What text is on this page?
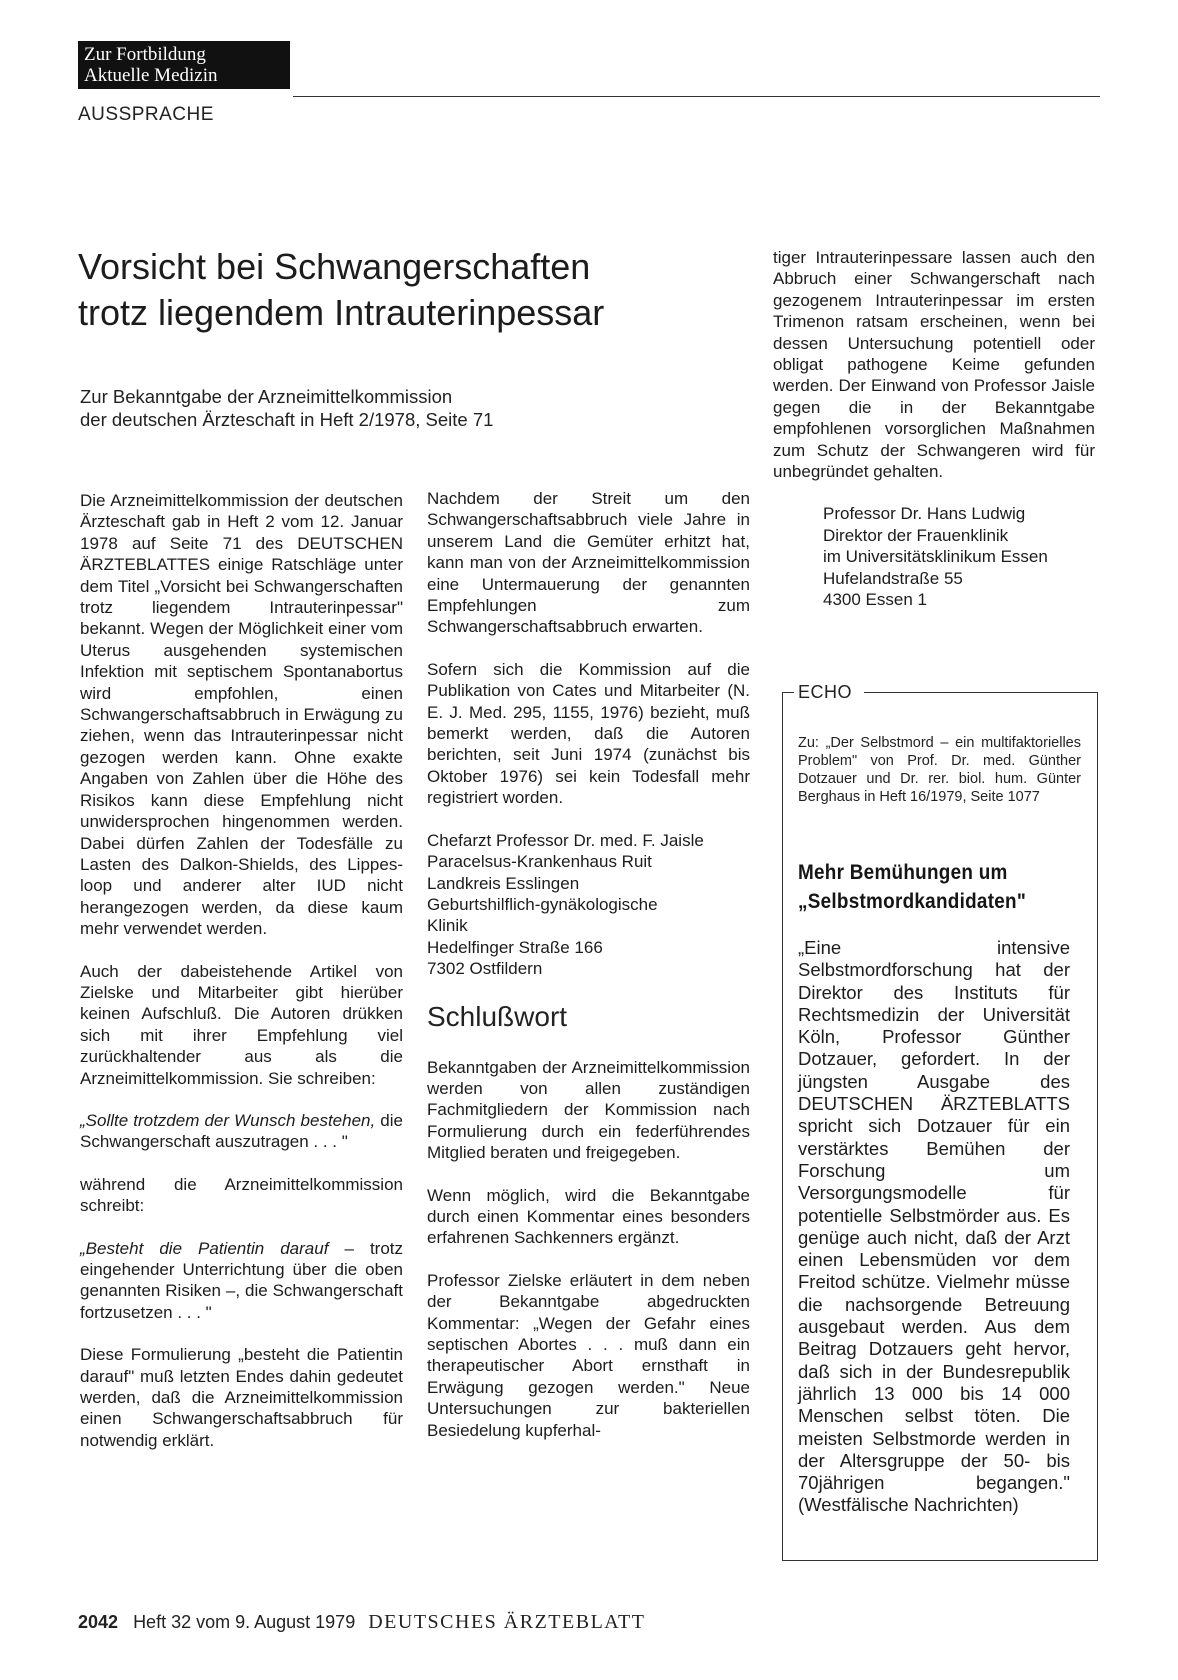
Zur Fortbildung
Aktuelle Medizin
AUSSPRACHE
Vorsicht bei Schwangerschaften
trotz liegendem Intrauterinpessar

Zur Bekanntgabe der Arzneimittelkommission
der deutschen Ärzteschaft in Heft 2/1978, Seite 71

Die Arzneimittelkommission der deutschen Ärzteschaft gab in Heft 2 vom 12. Januar 1978 auf Seite 71 des DEUTSCHEN ÄRZTEBLATTES einige Ratschläge unter dem Titel „Vorsicht bei Schwangerschaften trotz liegendem Intrauterinpessar" bekannt. Wegen der Möglichkeit einer vom Uterus ausgehenden systemischen Infektion mit septischem Spontanabortus wird empfohlen, einen Schwangerschaftsabbruch in Erwägung zu ziehen, wenn das Intrauterinpessar nicht gezogen werden kann. Ohne exakte Angaben von Zahlen über die Höhe des Risikos kann diese Empfehlung nicht unwidersprochen hingenommen werden. Dabei dürfen Zahlen der Todesfälle zu Lasten des Dalkon-Shields, des Lippes-loop und anderer alter IUD nicht herangezogen werden, da diese kaum mehr verwendet werden.

Auch der dabeistehende Artikel von Zielske und Mitarbeiter gibt hierüber keinen Aufschluß. Die Autoren drükken sich mit ihrer Empfehlung viel zurückhaltender aus als die Arzneimittelkommission. Sie schreiben:

„Sollte trotzdem der Wunsch bestehen, die Schwangerschaft auszutragen . . . "

während die Arzneimittelkommission schreibt:

„Besteht die Patientin darauf – trotz eingehender Unterrichtung über die oben genannten Risiken –, die Schwangerschaft fortzusetzen . . . "

Diese Formulierung „besteht die Patientin darauf" muß letzten Endes dahin gedeutet werden, daß die Arzneimittelkommission einen Schwangerschaftsabbruch für notwendig erklärt.

Nachdem der Streit um den Schwangerschaftsabbruch viele Jahre in unserem Land die Gemüter erhitzt hat, kann man von der Arzneimittelkommission eine Untermauerung der genannten Empfehlungen zum Schwangerschaftsabbruch erwarten.

Sofern sich die Kommission auf die Publikation von Cates und Mitarbeiter (N. E. J. Med. 295, 1155, 1976) bezieht, muß bemerkt werden, daß die Autoren berichten, seit Juni 1974 (zunächst bis Oktober 1976) sei kein Todesfall mehr registriert worden.

Chefarzt Professor Dr. med. F. Jaisle
Paracelsus-Krankenhaus Ruit
Landkreis Esslingen
Geburtshilflich-gynäkologische
Klinik
Hedelfinger Straße 166
7302 Ostfildern
Schlußwort

Bekanntgaben der Arzneimittelkommission werden von allen zuständigen Fachmitgliedern der Kommission nach Formulierung durch ein federführendes Mitglied beraten und freigegeben.

Wenn möglich, wird die Bekanntgabe durch einen Kommentar eines besonders erfahrenen Sachkenners ergänzt.

Professor Zielske erläutert in dem neben der Bekanntgabe abgedruckten Kommentar: „Wegen der Gefahr eines septischen Abortes . . . muß dann ein therapeutischer Abort ernsthaft in Erwägung gezogen werden." Neue Untersuchungen zur bakteriellen Besiedelung kupferhal-

tiger Intrauterinpessare lassen auch den Abbruch einer Schwangerschaft nach gezogenem Intrauterinpessar im ersten Trimenon ratsam erscheinen, wenn bei dessen Untersuchung potentiell oder obligat pathogene Keime gefunden werden. Der Einwand von Professor Jaisle gegen die in der Bekanntgabe empfohlenen vorsorglichen Maßnahmen zum Schutz der Schwangeren wird für unbegründet gehalten.

Professor Dr. Hans Ludwig
Direktor der Frauenklinik
im Universitätsklinikum Essen
Hufelandstraße 55
4300 Essen 1
ECHO
Zu: „Der Selbstmord – ein multifaktorielles Problem" von Prof. Dr. med. Günther Dotzauer und Dr. rer. biol. hum. Günter Berghaus in Heft 16/1979, Seite 1077
Mehr Bemühungen um
„Selbstmordkandidaten"
„Eine intensive Selbstmordforschung hat der Direktor des Instituts für Rechtsmedizin der Universität Köln, Professor Günther Dotzauer, gefordert. In der jüngsten Ausgabe des DEUTSCHEN ÄRZTEBLATTS spricht sich Dotzauer für ein verstärktes Bemühen der Forschung um Versorgungsmodelle für potentielle Selbstmörder aus. Es genüge auch nicht, daß der Arzt einen Lebensmüden vor dem Freitod schütze. Vielmehr müsse die nachsorgende Betreuung ausgebaut werden. Aus dem Beitrag Dotzauers geht hervor, daß sich in der Bundesrepublik jährlich 13 000 bis 14 000 Menschen selbst töten. Die meisten Selbstmorde werden in der Altersgruppe der 50- bis 70jährigen begangen." (Westfälische Nachrichten)
2042 Heft 32 vom 9. August 1979 DEUTSCHES ÄRZTEBLATT
